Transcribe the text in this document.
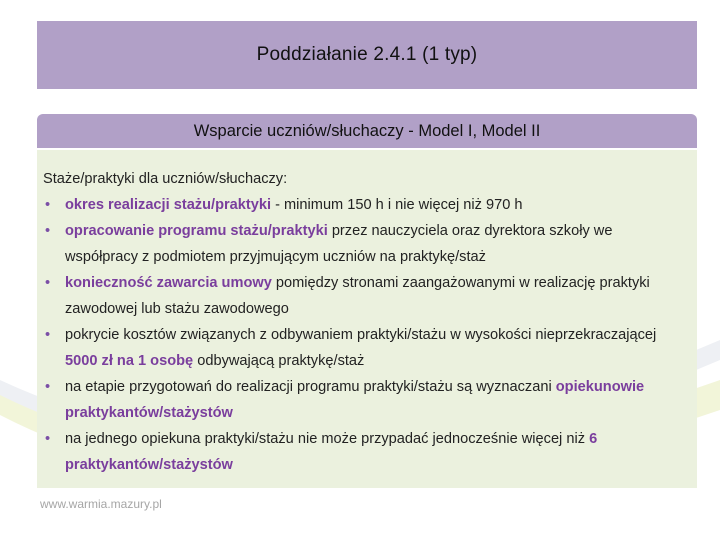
Poddziałanie 2.4.1 (1 typ)
Wsparcie uczniów/słuchaczy - Model I, Model II

Staże/praktyki dla uczniów/słuchaczy:

• okres realizacji stażu/praktyki - minimum 150 h i nie więcej niż 970 h
• opracowanie programu stażu/praktyki przez nauczyciela oraz dyrektora szkoły we współpracy z podmiotem przyjmującym uczniów na praktykę/staż
• konieczność zawarcia umowy pomiędzy stronami zaangażowanymi w realizację praktyki zawodowej lub stażu zawodowego
• pokrycie kosztów związanych z odbywaniem praktyki/stażu w wysokości nieprzekraczającej 5000 zł na 1 osobę odbywającą praktykę/staż
• na etapie przygotowań do realizacji programu praktyki/stażu są wyznaczani opiekunowie praktykantów/stażystów
• na jednego opiekuna praktyki/stażu nie może przypadać jednocześnie więcej niż 6 praktykantów/stażystów
www.warmia.mazury.pl
